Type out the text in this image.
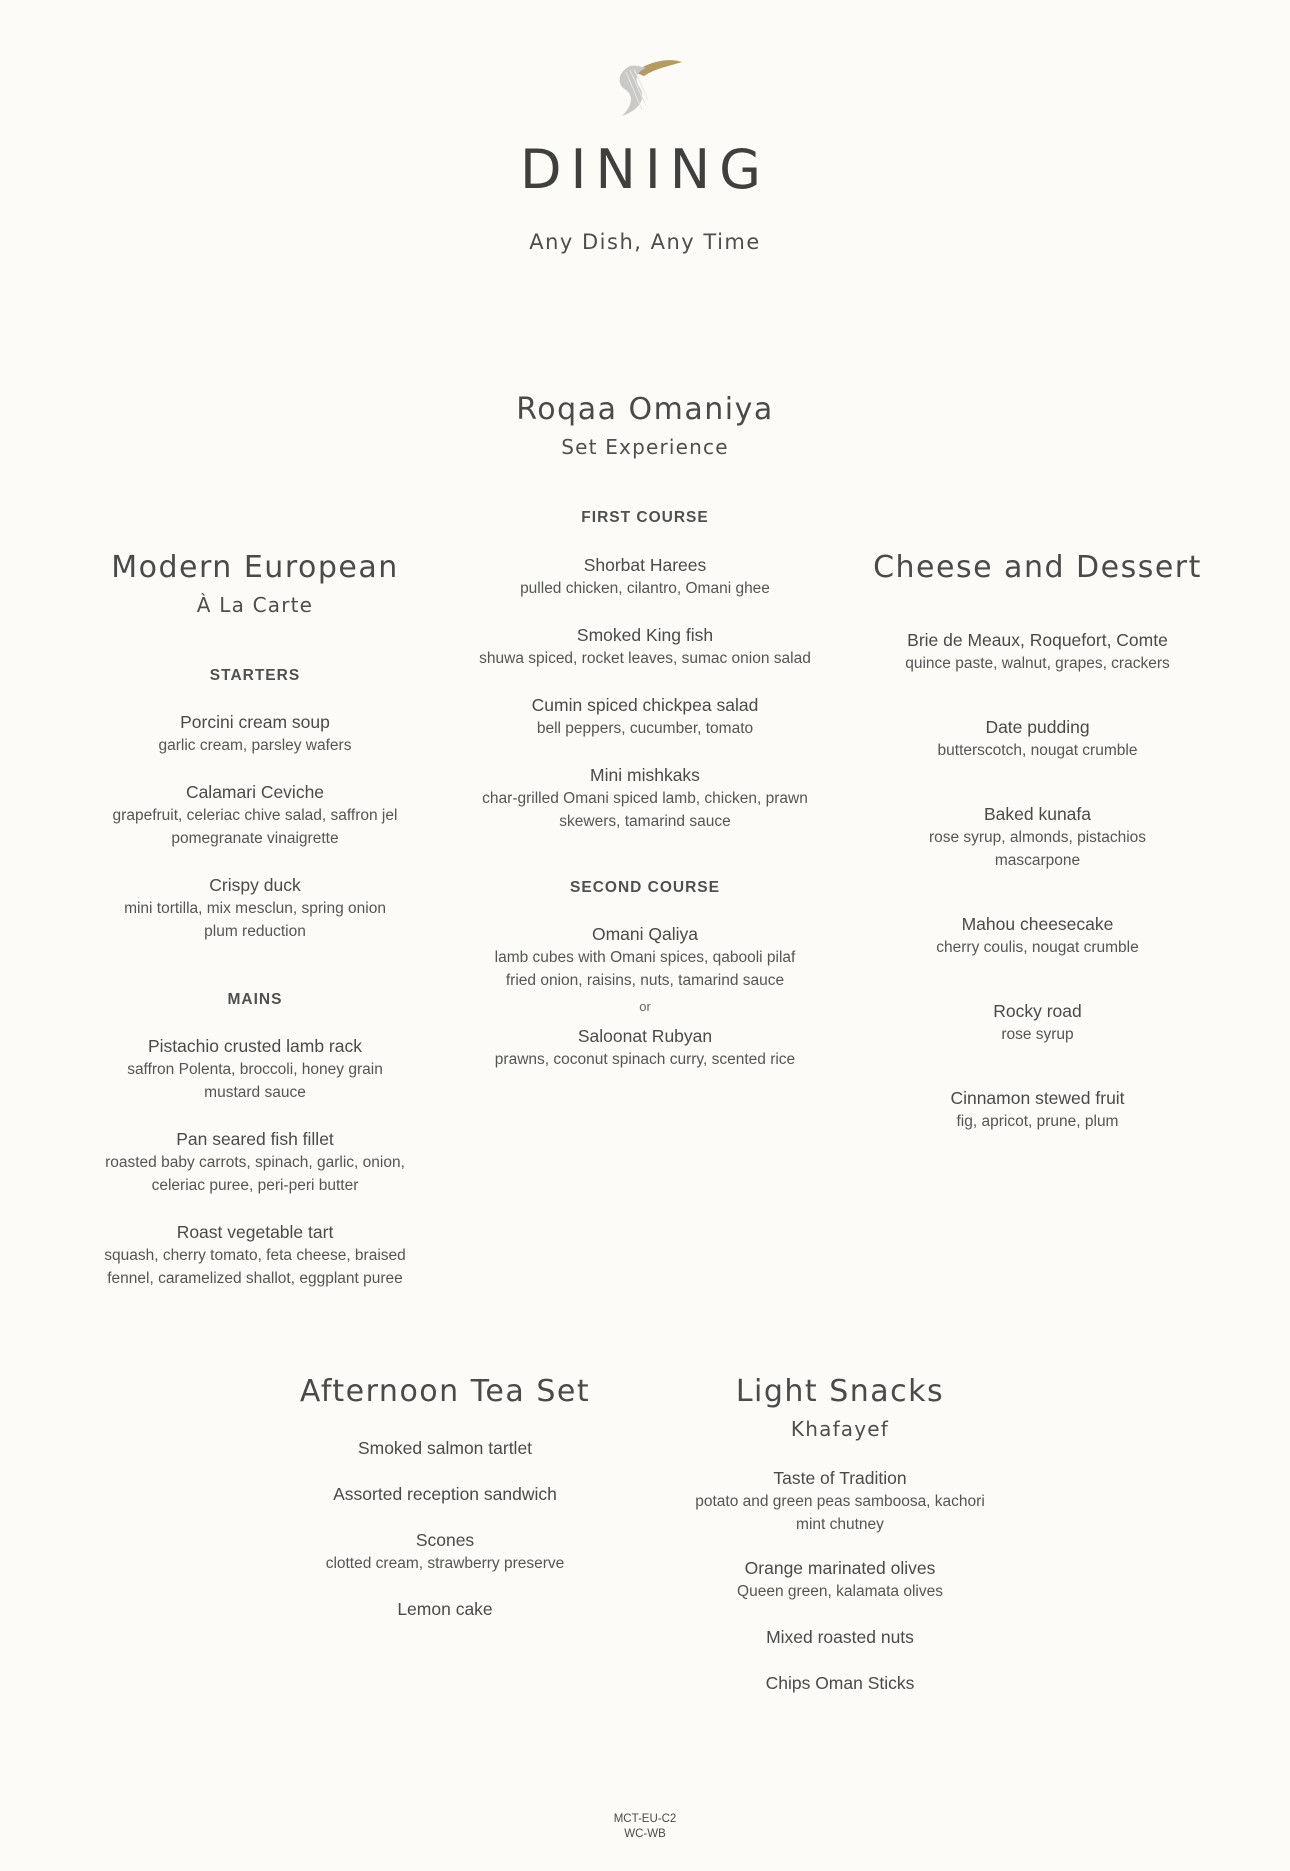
DINING
Any Dish, Any Time
Roqaa Omaniya
Set Experience
FIRST COURSE
Shorbat Harees
pulled chicken, cilantro, Omani ghee
Smoked King fish
shuwa spiced, rocket leaves, sumac onion salad
Cumin spiced chickpea salad
bell peppers, cucumber, tomato
Mini mishkaks
char-grilled Omani spiced lamb, chicken, prawn
skewers, tamarind sauce
SECOND COURSE
Omani Qaliya
lamb cubes with Omani spices, qabooli pilaf
fried onion, raisins, nuts, tamarind sauce
or
Saloonat Rubyan
prawns, coconut spinach curry, scented rice
Modern European
À La Carte
STARTERS
Porcini cream soup
garlic cream, parsley wafers
Calamari Ceviche
grapefruit, celeriac chive salad, saffron jel
pomegranate vinaigrette
Crispy duck
mini tortilla, mix mesclun, spring onion
plum reduction
MAINS
Pistachio crusted lamb rack
saffron Polenta, broccoli, honey grain
mustard sauce
Pan seared fish fillet
roasted baby carrots, spinach, garlic, onion,
celeriac puree, peri-peri butter
Roast vegetable tart
squash, cherry tomato, feta cheese, braised
fennel, caramelized shallot, eggplant puree
Cheese and Dessert
Brie de Meaux, Roquefort, Comte
quince paste, walnut, grapes, crackers
Date pudding
butterscotch, nougat crumble
Baked kunafa
rose syrup, almonds, pistachios
mascarpone
Mahou cheesecake
cherry coulis, nougat crumble
Rocky road
rose syrup
Cinnamon stewed fruit
fig, apricot, prune, plum
Afternoon Tea Set
Smoked salmon tartlet
Assorted reception sandwich
Scones
clotted cream, strawberry preserve
Lemon cake
Light Snacks
Khafayef
Taste of Tradition
potato and green peas samboosa, kachori
mint chutney
Orange marinated olives
Queen green, kalamata olives
Mixed roasted nuts
Chips Oman Sticks
MCT-EU-C2
WC-WB
